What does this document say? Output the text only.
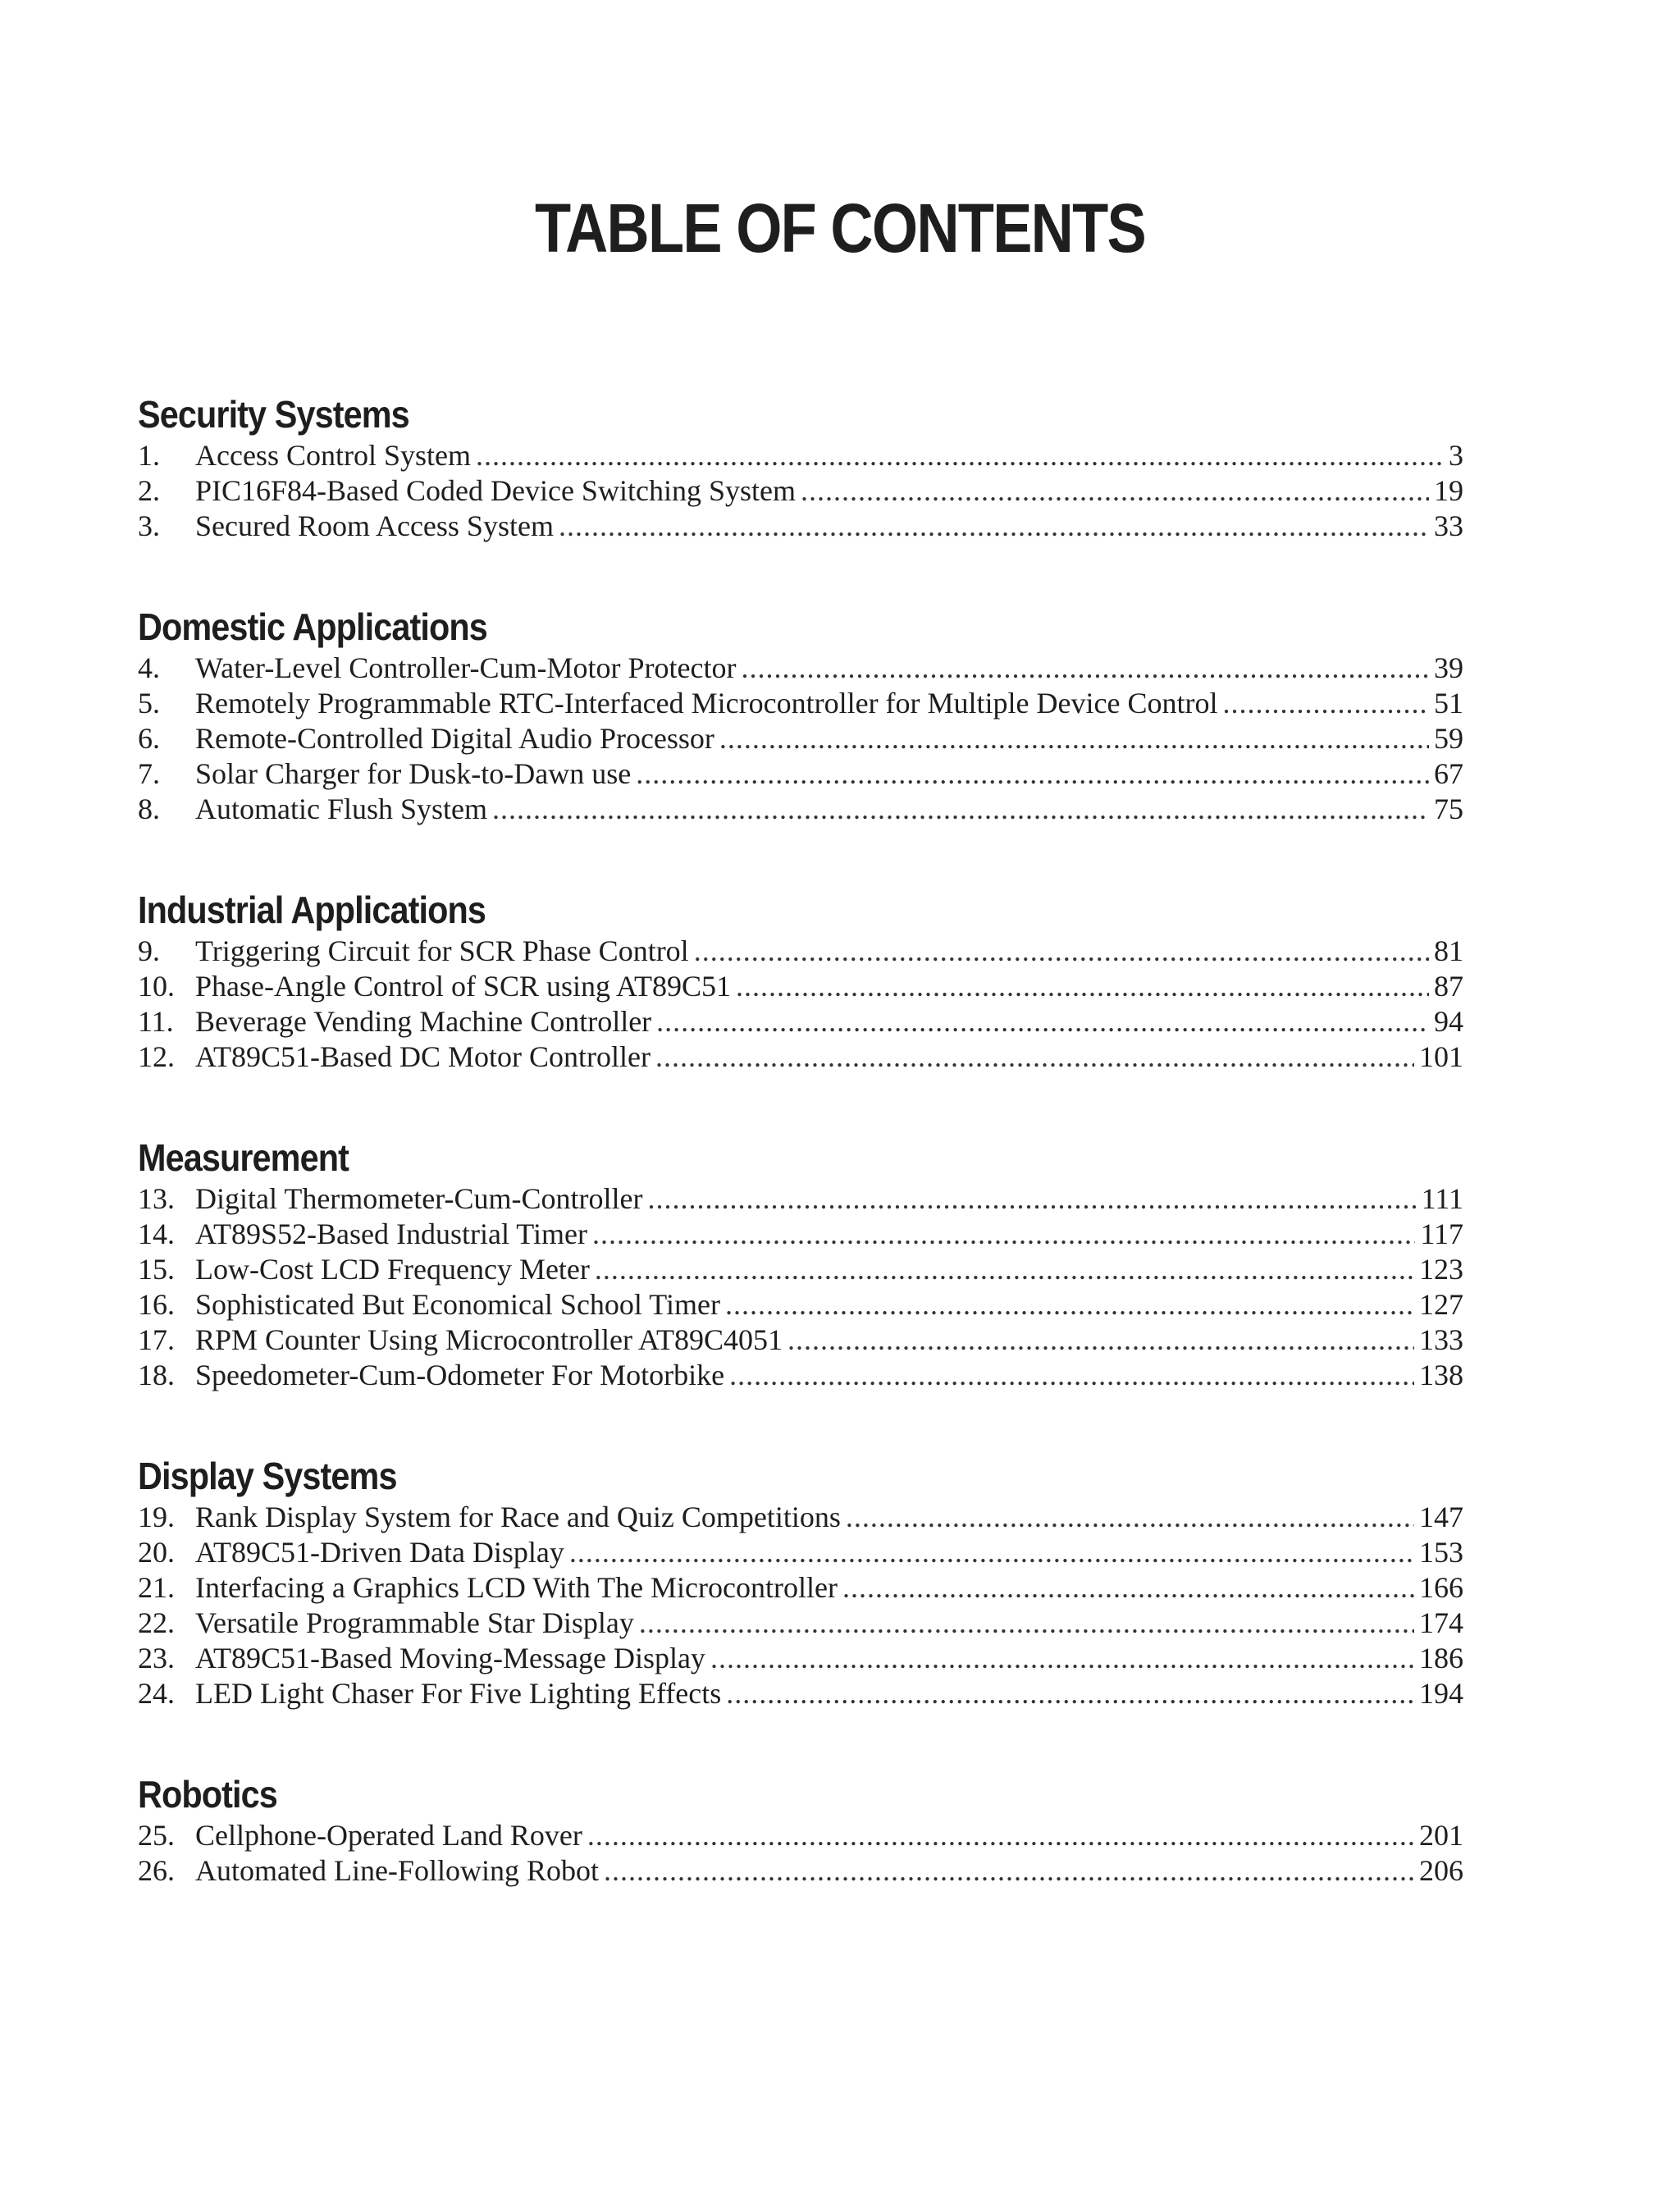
TABLE OF CONTENTS
Security Systems
1.	Access Control System . . .	3
2.	PIC16F84-Based Coded Device Switching System . . .	19
3.	Secured Room Access System . . .	33
Domestic Applications
4.	Water-Level Controller-Cum-Motor Protector . . .	39
5.	Remotely Programmable RTC-Interfaced Microcontroller for Multiple Device Control . . .	51
6.	Remote-Controlled Digital Audio Processor . . .	59
7.	Solar Charger for Dusk-to-Dawn use . . .	67
8.	Automatic Flush System . . .	75
Industrial Applications
9.	Triggering Circuit for SCR Phase Control . . .	81
10. Phase-Angle Control of SCR using AT89C51 . . .	87
11. Beverage Vending Machine Controller . . .	94
12. AT89C51-Based DC Motor Controller . . .	101
Measurement
13. Digital Thermometer-Cum-Controller . . .	111
14. AT89S52-Based Industrial Timer . . .	117
15. Low-Cost LCD Frequency Meter . . .	123
16. Sophisticated But Economical School Timer . . .	127
17. RPM Counter Using Microcontroller AT89C4051 . . .	133
18. Speedometer-Cum-Odometer For Motorbike . . .	138
Display Systems
19. Rank Display System for Race and Quiz Competitions . . .	147
20. AT89C51-Driven Data Display . . .	153
21. Interfacing a Graphics LCD With The Microcontroller . . .	166
22. Versatile Programmable Star Display . . .	174
23. AT89C51-Based Moving-Message Display . . .	186
24. LED Light Chaser For Five Lighting Effects . . .	194
Robotics
25. Cellphone-Operated Land Rover . . .	201
26. Automated Line-Following Robot . . .	206
